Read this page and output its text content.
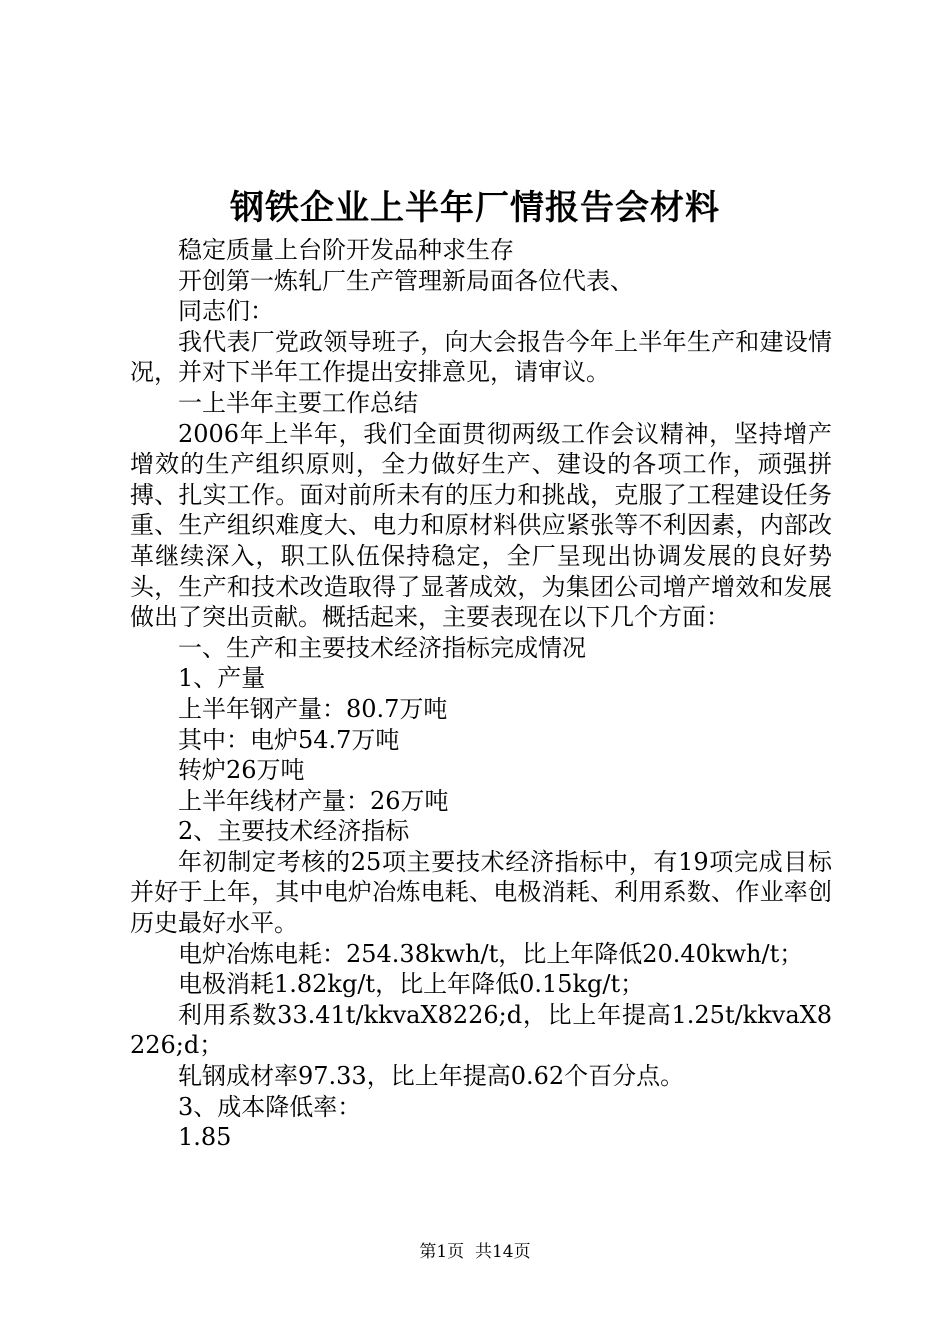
钢铁企业上半年厂情报告会材料

稳定质量上台阶开发品种求生存

开创第一炼轧厂生产管理新局面各位代表、

同志们：

我代表厂党政领导班子，向大会报告今年上半年生产和建设情况，并对下半年工作提出安排意见，请审议。

一上半年主要工作总结

2006年上半年，我们全面贯彻两级工作会议精神，坚持增产增效的生产组织原则，全力做好生产、建设的各项工作，顽强拼搏、扎实工作。面对前所未有的压力和挑战，克服了工程建设任务重、生产组织难度大、电力和原材料供应紧张等不利因素，内部改革继续深入，职工队伍保持稳定，全厂呈现出协调发展的良好势头，生产和技术改造取得了显著成效，为集团公司增产增效和发展做出了突出贡献。概括起来，主要表现在以下几个方面：

一、生产和主要技术经济指标完成情况

1、产量

上半年钢产量：80.7万吨

其中：电炉54.7万吨

转炉26万吨

上半年线材产量：26万吨

2、主要技术经济指标

年初制定考核的25项主要技术经济指标中，有19项完成目标并好于上年，其中电炉冶炼电耗、电极消耗、利用系数、作业率创历史最好水平。

电炉冶炼电耗：254.38kwh/t，比上年降低20.40kwh/t；

电极消耗1.82kg/t，比上年降低0.15kg/t；

利用系数33.41t/kkvaX8226;d，比上年提高1.25t/kkvaX8226;d；

轧钢成材率97.33，比上年提高0.62个百分点。

3、成本降低率：

1.85

第1页  共14页
